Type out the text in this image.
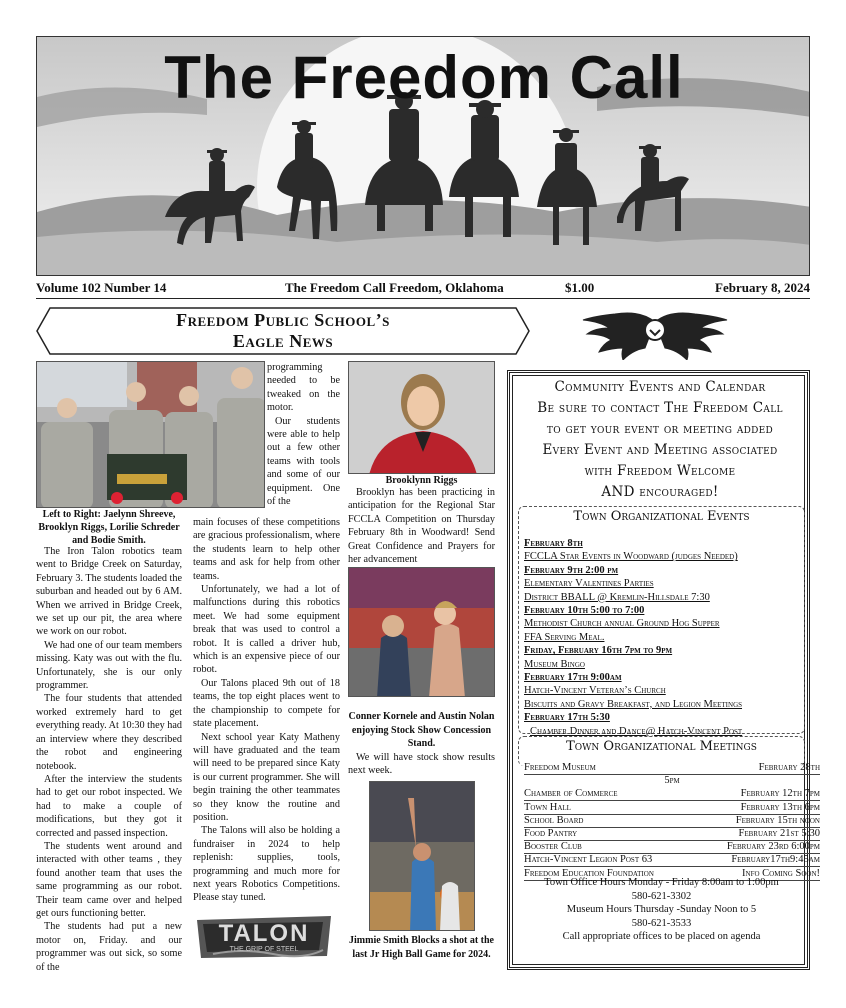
The Freedom Call
Volume 102 Number 14	The Freedom Call Freedom, Oklahoma	$1.00	February 8, 2024
Freedom Public School’s
Eagle News
Left to Right: Jaelynn Shreeve, Brooklyn Riggs, Lorilie Schreder and Bodie Smith.

programming needed to be tweaked on the motor.

Our students were able to help out a few other teams with tools and some of our equipment. One of the

The Iron Talon robotics team went to Bridge Creek on Saturday, February 3. The students loaded the suburban and headed out by 6 AM. When we arrived in Bridge Creek, we set up our pit, the area where we work on our robot.

We had one of our team members missing. Katy was out with the flu. Unfortunately, she is our only programmer.

The four students that attended worked extremely hard to get everything ready. At 10:30 they had an interview where they described the robot and engineering notebook.

After the interview the students had to get our robot inspected. We had to make a couple of modifications, but they got it corrected and passed inspection.

The students went around and interacted with other teams , they found another team that uses the same programming as our robot. Their team came over and helped get ours functioning better.

The students had put a new motor on, Friday. and our programmer was out sick, so some of the

main focuses of these competitions are gracious professionalism, where the students learn to help other teams and ask for help from other teams.

Unfortunately, we had a lot of malfunctions during this robotics meet. We had some equipment break that was used to control a robot. It is called a driver hub, which is an expensive piece of our robot.

Our Talons placed 9th out of 18 teams, the top eight places went to the championship to compete for state placement.

Next school year Katy Matheny will have graduated and the team will need to be prepared since Katy is our current programmer. She will begin training the other teammates so they know the routine and position.

The Talons will also be holding a fundraiser in 2024 to help replenish: supplies, tools, programming and much more for next years Robotics Competitions. Please stay tuned.

TALON
THE GRIP OF STEEL
Brooklynn Riggs

Brooklyn has been practicing in anticipation for the Regional Star FCCLA Competition on Thursday February 8th in Woodward! Send Great Confidence and Prayers for her advancement

Conner Kornele and Austin Nolan enjoying Stock Show Concession Stand.

We will have stock show results next week.

Jimmie Smith Blocks a shot at the last Jr High Ball Game for 2024.
Community Events and Calendar
Be sure to contact The Freedom Call
to get your event or meeting added
Every Event and Meeting associated
with Freedom Welcome
AND encouraged!
Town Organizational Events
February 8th
FCCLA Star Events in Woodward (judges Needed)
February 9th 2:00 pm
Elementary Valentines Parties
District BBALL @ Kremlin-Hillsdale 7:30
February 10th 5:00 to 7:00
Methodist Church annual Ground Hog Supper
FFA Serving Meal.
Friday, February 16th 7pm to 9pm
Museum Bingo
February 17th 9:00am
Hatch-Vincent Veteran’s Church
Biscuits and Gravy Breakfast, and Legion Meetings
February 17th 5:30
Chamber Dinner and Dance@ Hatch-Vincent Post
Town Organizational Meetings
Freedom Museum	February 28th
5pm
Chamber of Commerce	February 12th 7pm
Town Hall	February 13th 6pm
School Board	February 15th noon
Food Pantry	February 21st 5:30
Booster Club	February 23rd 6:00pm
Hatch-Vincent Legion Post 63	February17th9:45am
Freedom Education Foundation	Info Coming Soon!
Town Office Hours Monday - Friday 8:00am to 1:00pm
580-621-3302
Museum Hours Thursday -Sunday Noon to 5
580-621-3533
Call appropriate offices to be placed on agenda
